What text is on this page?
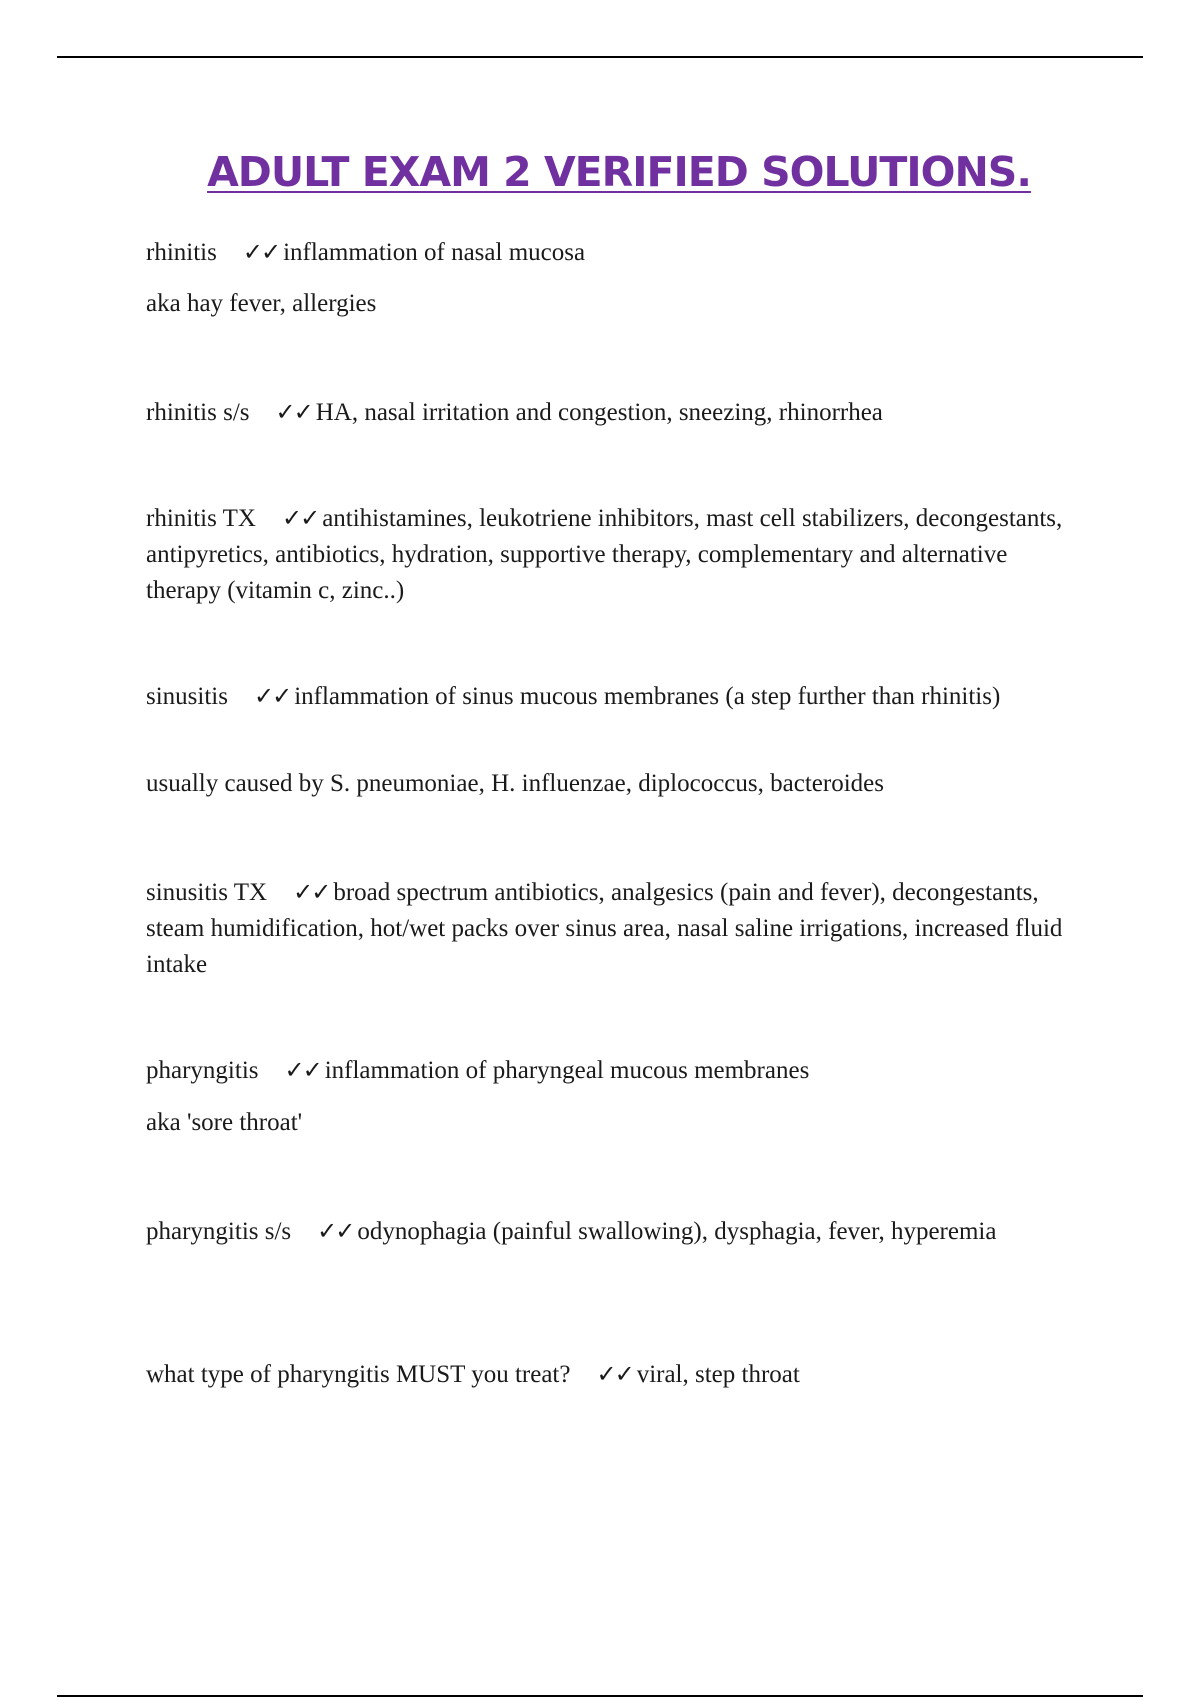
ADULT EXAM 2 VERIFIED SOLUTIONS.

rhinitis ✓✓ inflammation of nasal mucosa

aka hay fever, allergies

rhinitis s/s ✓✓ HA, nasal irritation and congestion, sneezing, rhinorrhea

rhinitis TX ✓✓ antihistamines, leukotriene inhibitors, mast cell stabilizers, decongestants, antipyretics, antibiotics, hydration, supportive therapy, complementary and alternative therapy (vitamin c, zinc..)

sinusitis ✓✓ inflammation of sinus mucous membranes (a step further than rhinitis)

usually caused by S. pneumoniae, H. influenzae, diplococcus, bacteroides

sinusitis TX ✓✓ broad spectrum antibiotics, analgesics (pain and fever), decongestants, steam humidification, hot/wet packs over sinus area, nasal saline irrigations, increased fluid intake

pharyngitis ✓✓ inflammation of pharyngeal mucous membranes

aka 'sore throat'

pharyngitis s/s ✓✓ odynophagia (painful swallowing), dysphagia, fever, hyperemia

what type of pharyngitis MUST you treat? ✓✓ viral, step throat
